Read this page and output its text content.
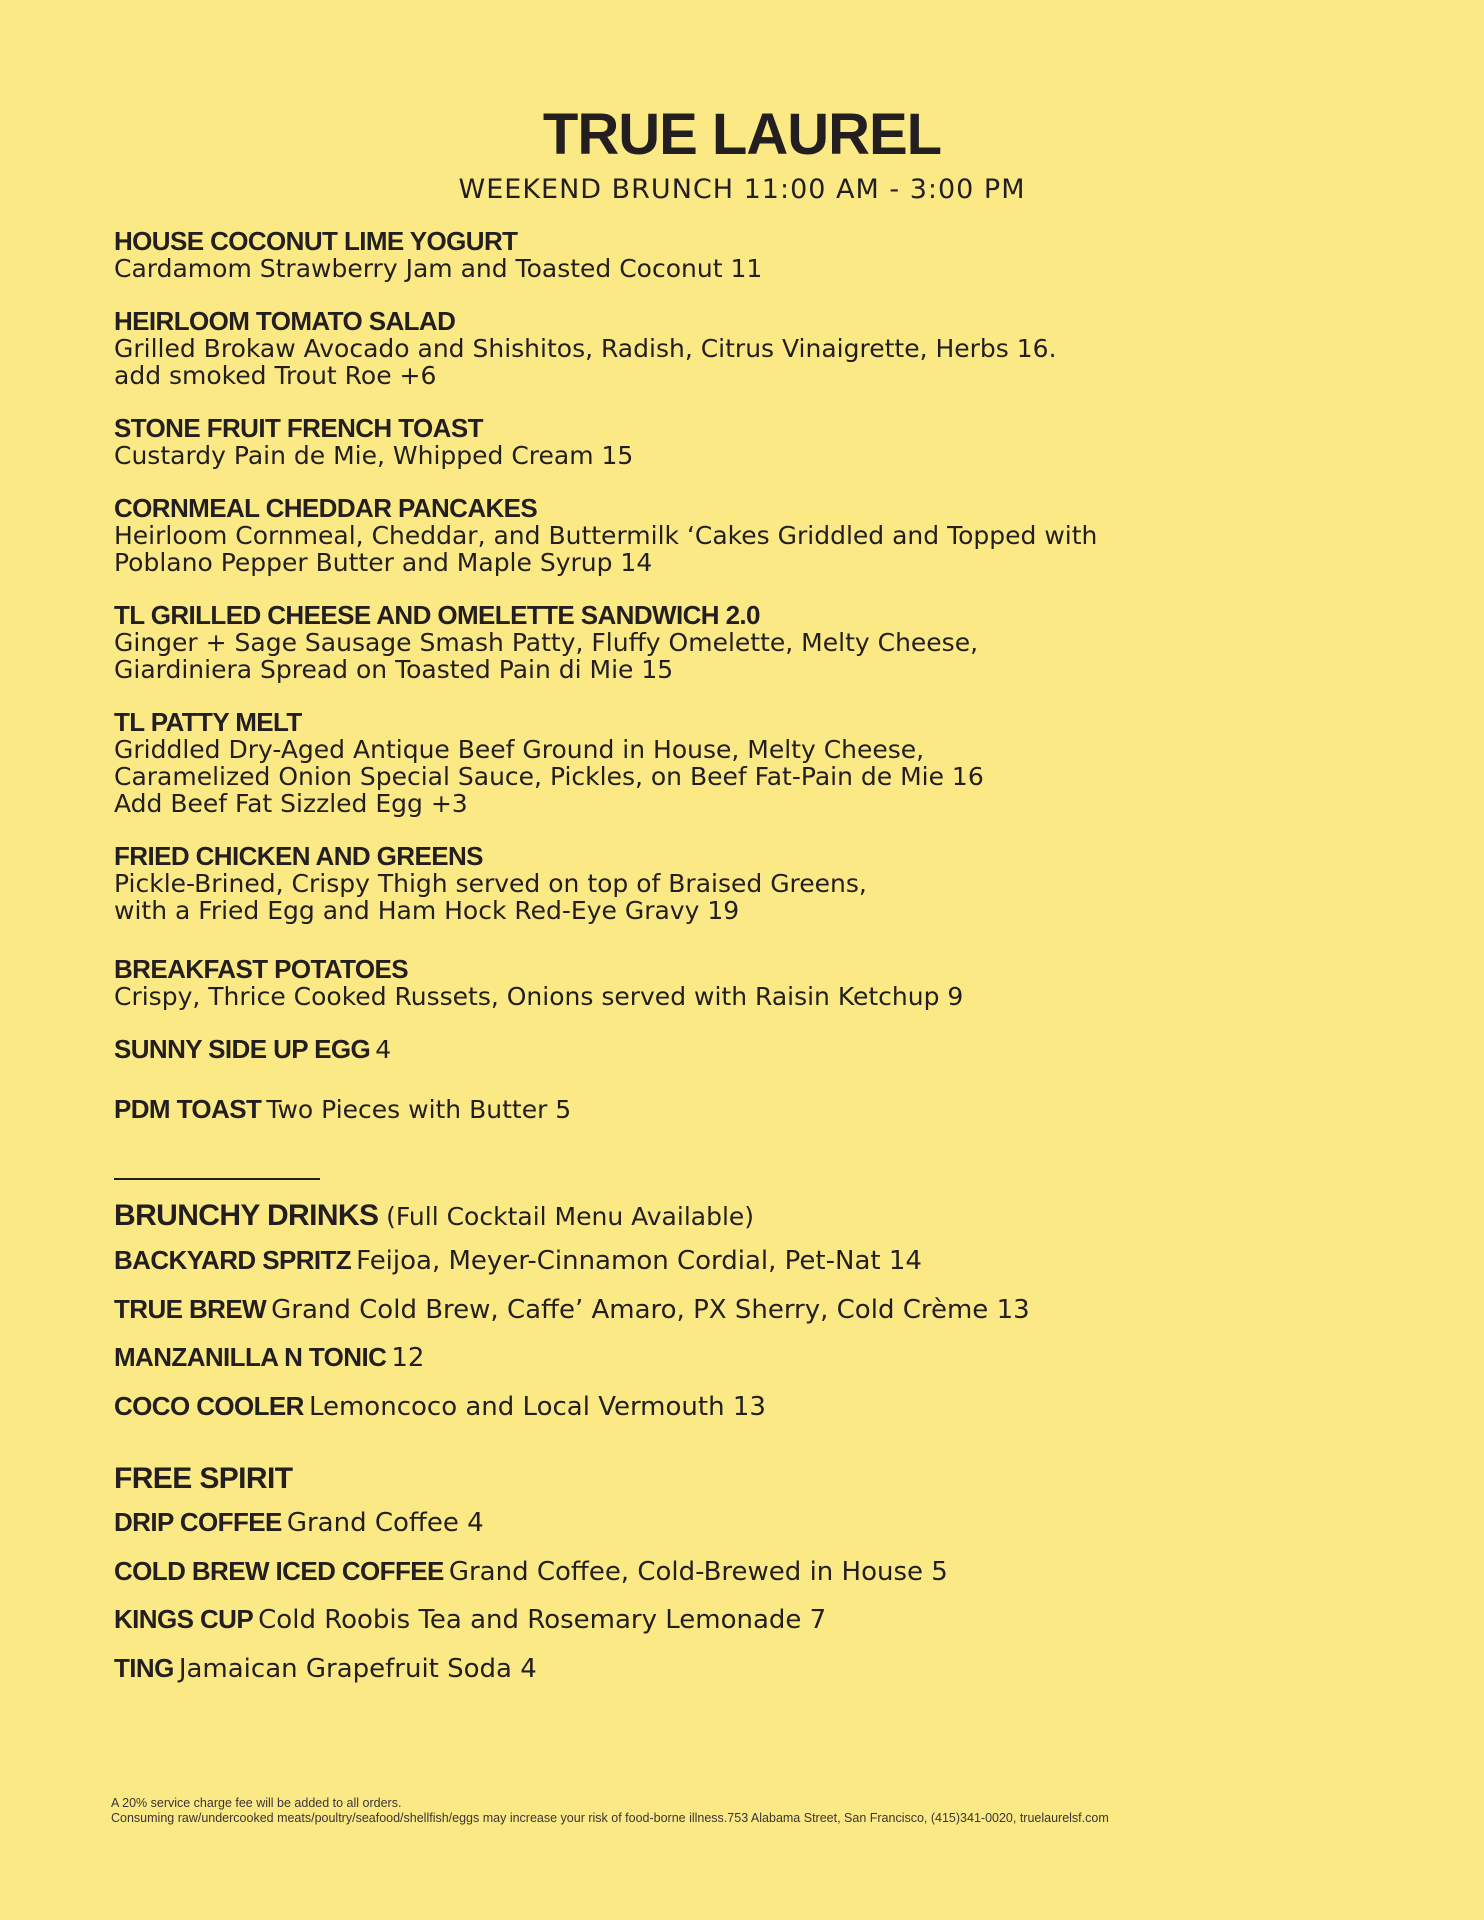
TRUE LAUREL
WEEKEND BRUNCH 11:00 AM - 3:00 PM
HOUSE COCONUT LIME YOGURT
Cardamom Strawberry Jam and Toasted Coconut 11
HEIRLOOM TOMATO SALAD
Grilled Brokaw Avocado and Shishitos, Radish, Citrus Vinaigrette, Herbs 16.
add smoked Trout Roe +6
STONE FRUIT FRENCH TOAST
Custardy Pain de Mie, Whipped Cream 15
CORNMEAL CHEDDAR PANCAKES
Heirloom Cornmeal, Cheddar, and Buttermilk ‘Cakes Griddled and Topped with
Poblano Pepper Butter and Maple Syrup 14
TL GRILLED CHEESE AND OMELETTE SANDWICH 2.0
Ginger + Sage Sausage Smash Patty, Fluffy Omelette, Melty Cheese,
Giardiniera Spread on Toasted Pain di Mie 15
TL PATTY MELT
Griddled Dry-Aged Antique Beef Ground in House, Melty Cheese,
Caramelized Onion Special Sauce, Pickles, on Beef Fat-Pain de Mie 16
Add Beef Fat Sizzled Egg +3
FRIED CHICKEN AND GREENS
Pickle-Brined, Crispy Thigh served on top of Braised Greens,
with a Fried Egg and Ham Hock Red-Eye Gravy 19
BREAKFAST POTATOES
Crispy, Thrice Cooked Russets, Onions served with Raisin Ketchup 9
SUNNY SIDE UP EGG 4
PDM TOAST Two Pieces with Butter 5
BRUNCHY DRINKS (Full Cocktail Menu Available)
BACKYARD SPRITZ Feijoa, Meyer-Cinnamon Cordial, Pet-Nat 14
TRUE BREW Grand Cold Brew, Caffe’ Amaro, PX Sherry, Cold Crème 13
MANZANILLA N TONIC 12
COCO COOLER Lemoncoco and Local Vermouth 13
FREE SPIRIT
DRIP COFFEE Grand Coffee 4
COLD BREW ICED COFFEE Grand Coffee, Cold-Brewed in House 5
KINGS CUP Cold Roobis Tea and Rosemary Lemonade 7
TING Jamaican Grapefruit Soda 4
A 20% service charge fee will be added to all orders.
Consuming raw/undercooked meats/poultry/seafood/shellfish/eggs may increase your risk of food-borne illness.753 Alabama Street, San Francisco, (415)341-0020, truelaurelsf.com
